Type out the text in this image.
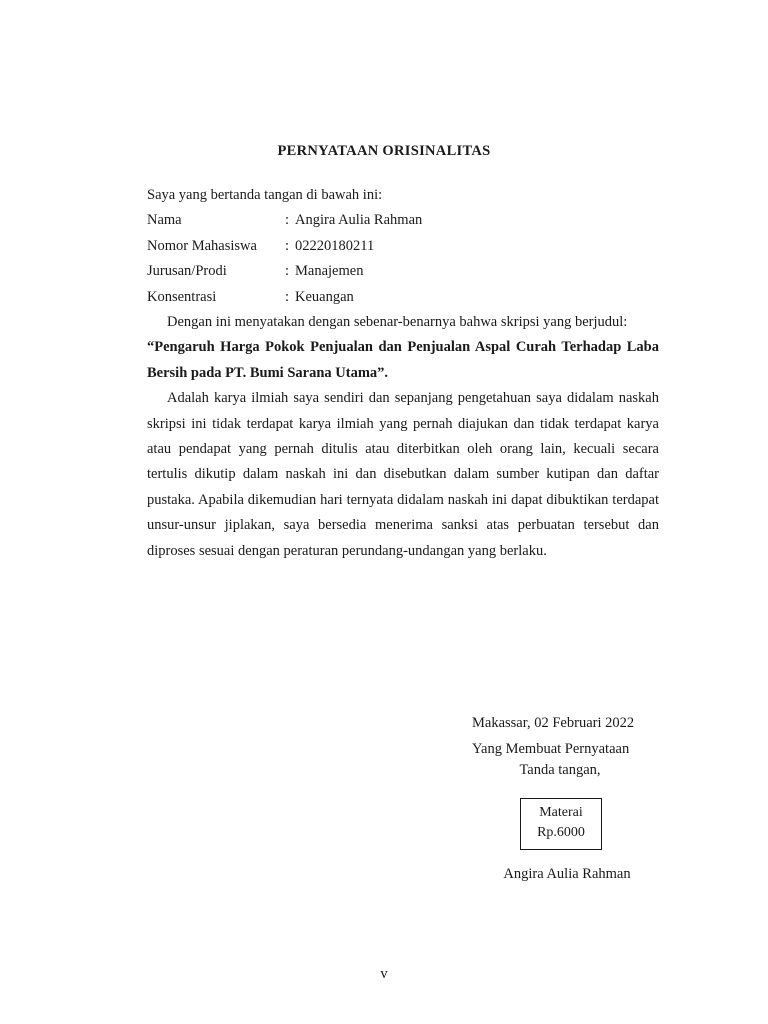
PERNYATAAN ORISINALITAS

Saya yang bertanda tangan di bawah ini:

Nama	: Angira Aulia Rahman
Nomor Mahasiswa	: 02220180211
Jurusan/Prodi	: Manajemen
Konsentrasi	: Keuangan

Dengan ini menyatakan dengan sebenar-benarnya bahwa skripsi yang berjudul:

“Pengaruh Harga Pokok Penjualan dan Penjualan Aspal Curah Terhadap Laba Bersih pada PT. Bumi Sarana Utama”.

Adalah karya ilmiah saya sendiri dan sepanjang pengetahuan saya didalam naskah skripsi ini tidak terdapat karya ilmiah yang pernah diajukan dan tidak terdapat karya atau pendapat yang pernah ditulis atau diterbitkan oleh orang lain, kecuali secara tertulis dikutip dalam naskah ini dan disebutkan dalam sumber kutipan dan daftar pustaka. Apabila dikemudian hari ternyata didalam naskah ini dapat dibuktikan terdapat unsur-unsur jiplakan, saya bersedia menerima sanksi atas perbuatan tersebut dan diproses sesuai dengan peraturan perundang-undangan yang berlaku.

Makassar, 02 Februari 2022
Yang Membuat Pernyataan
Tanda tangan,
Materai
Rp.6000
Angira Aulia Rahman
v
